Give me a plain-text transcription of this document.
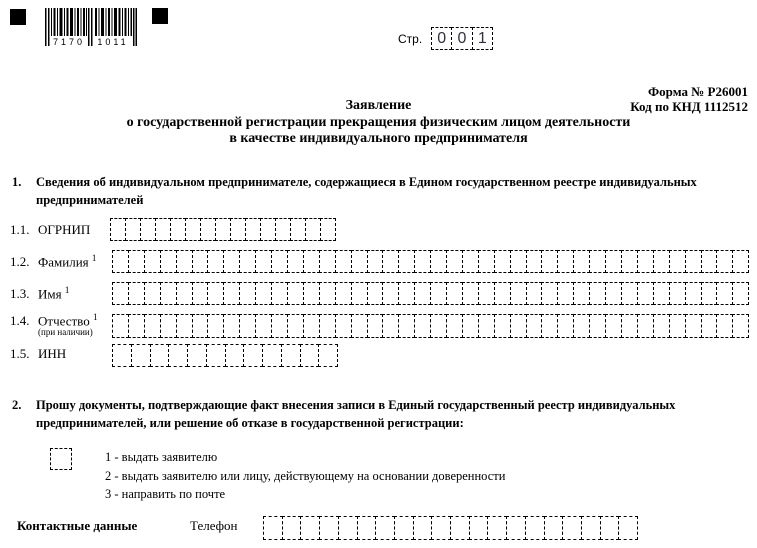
7170 1011	Стр. 0 0 1
Форма № Р26001
Код по КНД 1112512
Заявление
о государственной регистрации прекращения физическим лицом деятельности
в качестве индивидуального предпринимателя
1. Сведения об индивидуальном предпринимателе, содержащиеся в Едином государственном реестре индивидуальных предпринимателей
1.1. ОГРНИП
1.2. Фамилия $^1$
1.3. Имя $^1$
1.4. Отчество $^1$
(при наличии)
1.5. ИНН
2. Прошу документы, подтверждающие факт внесения записи в Единый государственный реестр индивидуальных предпринимателей, или решение об отказе в государственной регистрации:
1 - выдать заявителю
2 - выдать заявителю или лицу, действующему на основании доверенности
3 - направить по почте
Контактные данные	Телефон
